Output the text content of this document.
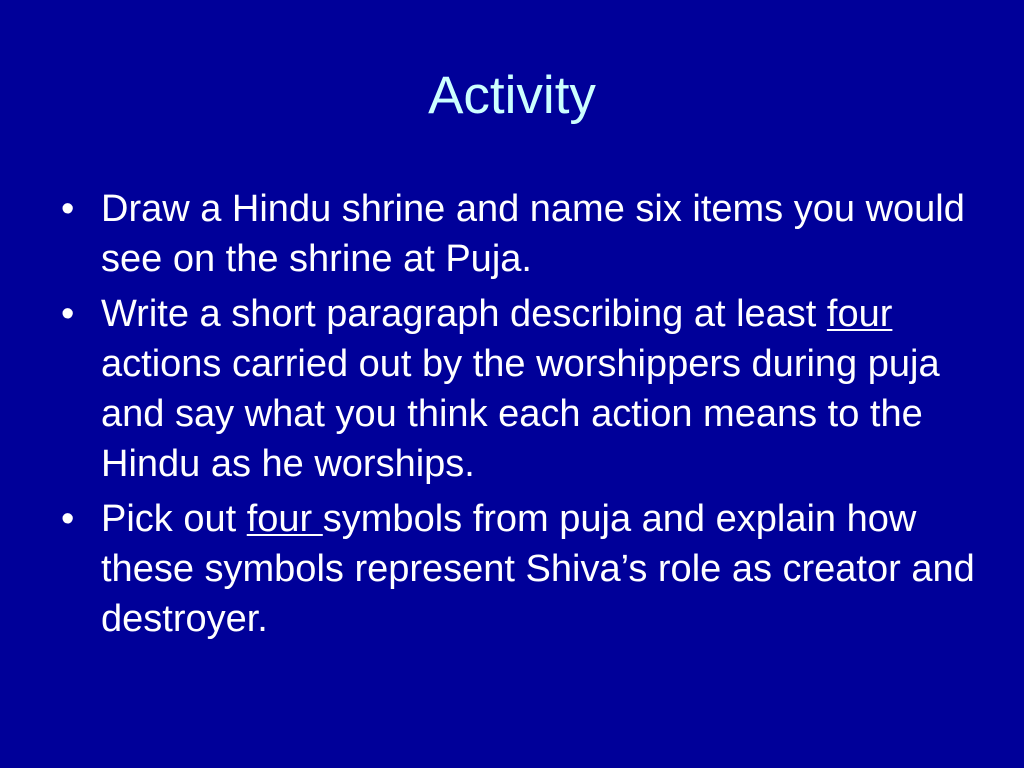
Activity
• Draw a Hindu shrine and name six items you would see on the shrine at Puja.
• Write a short paragraph describing at least four actions carried out by the worshippers during puja and say what you think each action means to the Hindu as he worships.
• Pick out four symbols from puja and explain how these symbols represent Shiva’s role as creator and destroyer.
